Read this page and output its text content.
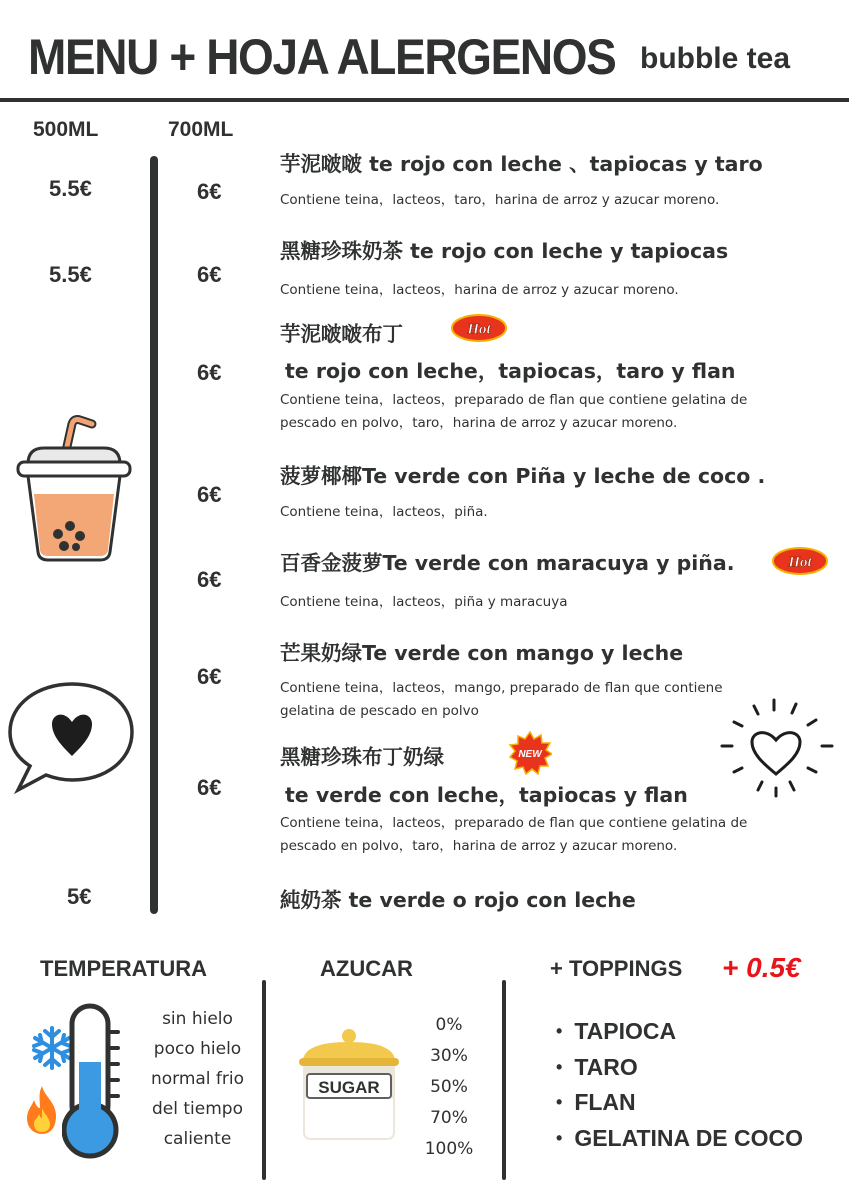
MENU + HOJA ALERGENOS bubble tea
500ML	700ML
5.5€	6€
芋泥啵啵 te rojo con leche 、tapiocas y taro
Contiene teina，lacteos，taro，harina de arroz y azucar moreno.
5.5€	6€
黑糖珍珠奶茶 te rojo con leche y tapiocas
Contiene teina，lacteos，harina de arroz y azucar moreno.
6€
芋泥啵啵布丁	Hot
te rojo con leche，tapiocas，taro y flan
Contiene teina，lacteos，preparado de flan que contiene gelatina de
pescado en polvo，taro，harina de arroz y azucar moreno.
6€
菠萝椰椰Te verde con Piña y leche de coco .
Contiene teina，lacteos，piña.
6€
百香金菠萝Te verde con maracuya y piña.	Hot
Contiene teina，lacteos，piña y maracuya
6€
芒果奶绿Te verde con mango y leche
Contiene teina，lacteos，mango, preparado de flan que contiene
gelatina de pescado en polvo
6€
黑糖珍珠布丁奶绿	NEW
te verde con leche，tapiocas y flan
Contiene teina，lacteos，preparado de flan que contiene gelatina de
pescado en polvo，taro，harina de arroz y azucar moreno.
5€	純奶茶 te verde o rojo con leche
TEMPERATURA	AZUCAR	+ TOPPINGS + 0.5€
sin hielo
poco hielo
normal frio
del tiempo
caliente
SUGAR
0%
30%
50%
70%
100%
• TAPIOCA
• TARO
• FLAN
• GELATINA DE COCO
